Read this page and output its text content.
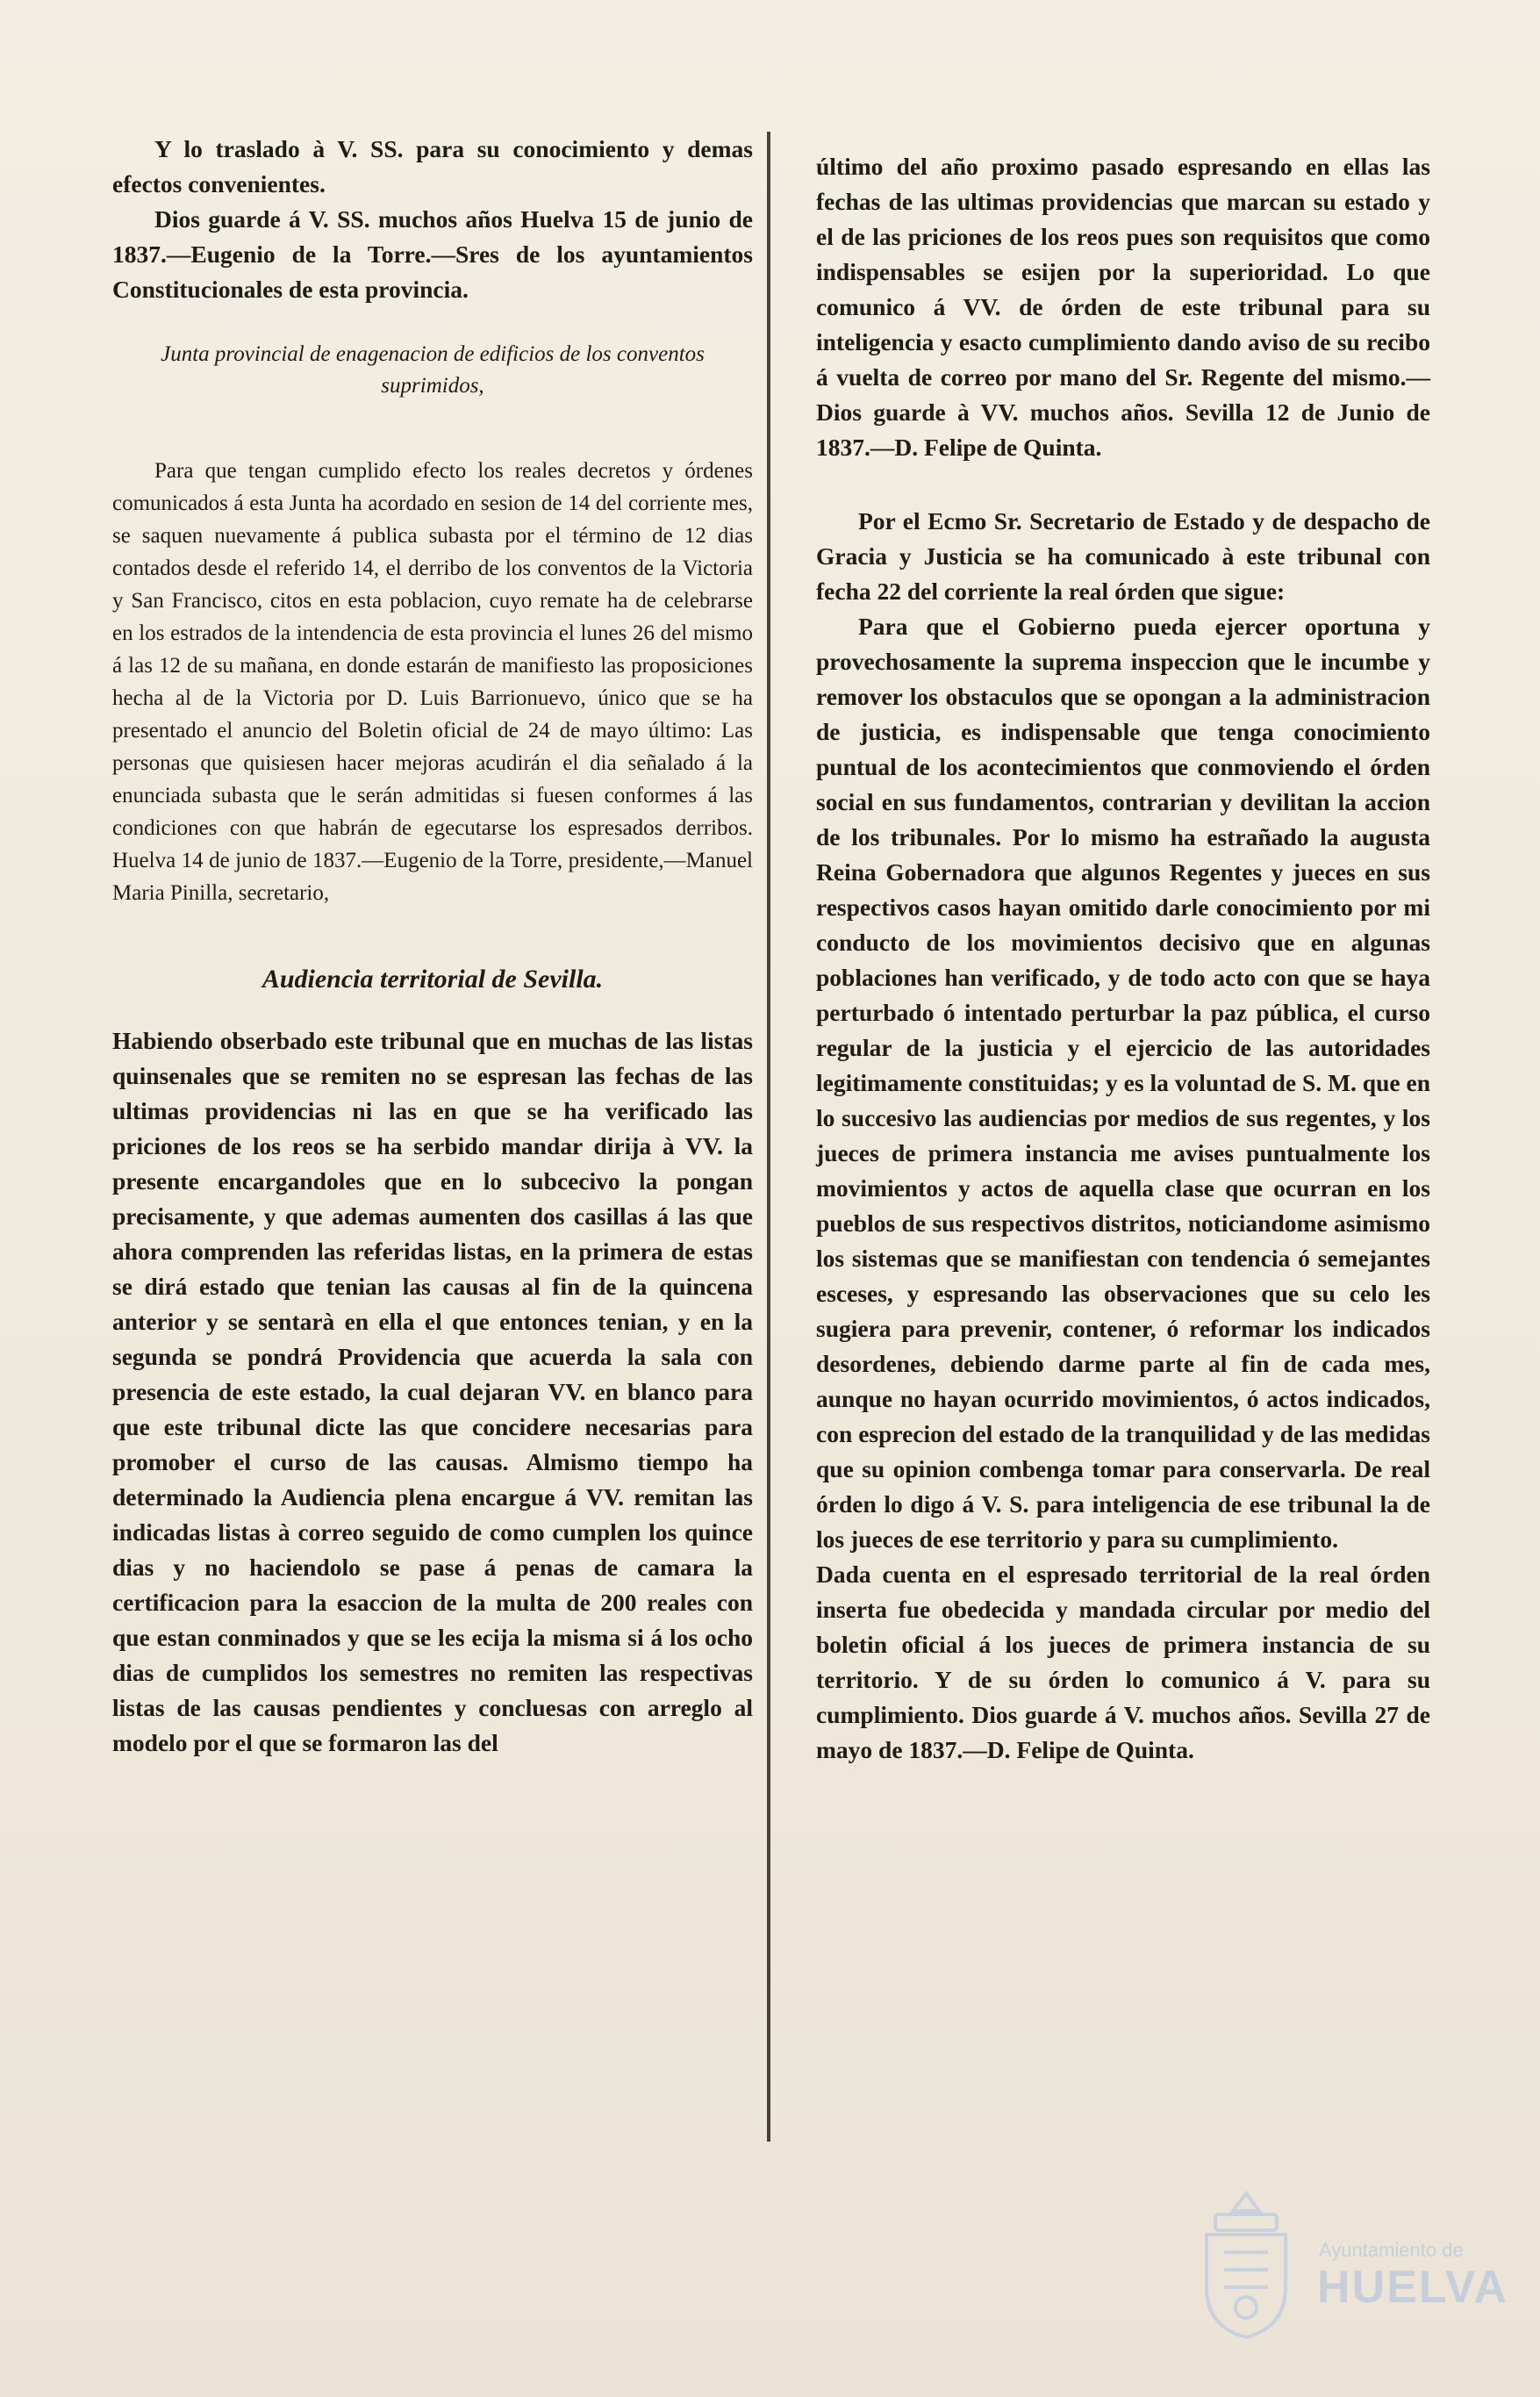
Y lo traslado à V. SS. para su conocimiento y demas efectos convenientes.

Dios guarde á V. SS. muchos años Huelva 15 de junio de 1837.—Eugenio de la Torre.—Sres de los ayuntamientos Constitucionales de esta provincia.

Junta provincial de enagenacion de edificios de los conventos suprimidos,

Para que tengan cumplido efecto los reales decretos y órdenes comunicados á esta Junta ha acordado en sesion de 14 del corriente mes, se saquen nuevamente á publica subasta por el término de 12 dias contados desde el referido 14, el derribo de los conventos de la Victoria y San Francisco, citos en esta poblacion, cuyo remate ha de celebrarse en los estrados de la intendencia de esta provincia el lunes 26 del mismo á las 12 de su mañana, en donde estarán de manifiesto las proposiciones hecha al de la Victoria por D. Luis Barrionuevo, único que se ha presentado el anuncio del Boletin oficial de 24 de mayo último: Las personas que quisiesen hacer mejoras acudirán el dia señalado á la enunciada subasta que le serán admitidas si fuesen conformes á las condiciones con que habrán de egecutarse los espresados derribos. Huelva 14 de junio de 1837.—Eugenio de la Torre, presidente,—Manuel Maria Pinilla, secretario,

Audiencia territorial de Sevilla.

Habiendo obserbado este tribunal que en muchas de las listas quinsenales que se remiten no se espresan las fechas de las ultimas providencias ni las en que se ha verificado las priciones de los reos se ha serbido mandar dirija à VV. la presente encargandoles que en lo subcecivo la pongan precisamente, y que ademas aumenten dos casillas á las que ahora comprenden las referidas listas, en la primera de estas se dirá estado que tenian las causas al fin de la quincena anterior y se sentarà en ella el que entonces tenian, y en la segunda se pondrá Providencia que acuerda la sala con presencia de este estado, la cual dejaran VV. en blanco para que este tribunal dicte las que concidere necesarias para promober el curso de las causas. Almismo tiempo ha determinado la Audiencia plena encargue á VV. remitan las indicadas listas à correo seguido de como cumplen los quince dias y no haciendolo se pase á penas de camara la certificacion para la esaccion de la multa de 200 reales con que estan conminados y que se les ecija la misma si á los ocho dias de cumplidos los semestres no remiten las respectivas listas de las causas pendientes y concluesas con arreglo al modelo por el que se formaron las del

último del año proximo pasado espresando en ellas las fechas de las ultimas providencias que marcan su estado y el de las priciones de los reos pues son requisitos que como indispensables se esijen por la superioridad. Lo que comunico á VV. de órden de este tribunal para su inteligencia y esacto cumplimiento dando aviso de su recibo á vuelta de correo por mano del Sr. Regente del mismo.—Dios guarde à VV. muchos años. Sevilla 12 de Junio de 1837.—D. Felipe de Quinta.

Por el Ecmo Sr. Secretario de Estado y de despacho de Gracia y Justicia se ha comunicado à este tribunal con fecha 22 del corriente la real órden que sigue:

Para que el Gobierno pueda ejercer oportuna y provechosamente la suprema inspeccion que le incumbe y remover los obstaculos que se opongan a la administracion de justicia, es indispensable que tenga conocimiento puntual de los acontecimientos que conmoviendo el órden social en sus fundamentos, contrarian y devilitan la accion de los tribunales. Por lo mismo ha estrañado la augusta Reina Gobernadora que algunos Regentes y jueces en sus respectivos casos hayan omitido darle conocimiento por mi conducto de los movimientos decisivo que en algunas poblaciones han verificado, y de todo acto con que se haya perturbado ó intentado perturbar la paz pública, el curso regular de la justicia y el ejercicio de las autoridades legitimamente constituidas; y es la voluntad de S. M. que en lo succesivo las audiencias por medios de sus regentes, y los jueces de primera instancia me avises puntualmente los movimientos y actos de aquella clase que ocurran en los pueblos de sus respectivos distritos, noticiandome asimismo los sistemas que se manifiestan con tendencia ó semejantes esceses, y espresando las observaciones que su celo les sugiera para prevenir, contener, ó reformar los indicados desordenes, debiendo darme parte al fin de cada mes, aunque no hayan ocurrido movimientos, ó actos indicados, con esprecion del estado de la tranquilidad y de las medidas que su opinion combenga tomar para conservarla. De real órden lo digo á V. S. para inteligencia de ese tribunal la de los jueces de ese territorio y para su cumplimiento.

Dada cuenta en el espresado territorial de la real órden inserta fue obedecida y mandada circular por medio del boletin oficial á los jueces de primera instancia de su territorio. Y de su órden lo comunico á V. para su cumplimiento. Dios guarde á V. muchos años. Sevilla 27 de mayo de 1837.—D. Felipe de Quinta.

Ayuntamiento de
HUELVA
